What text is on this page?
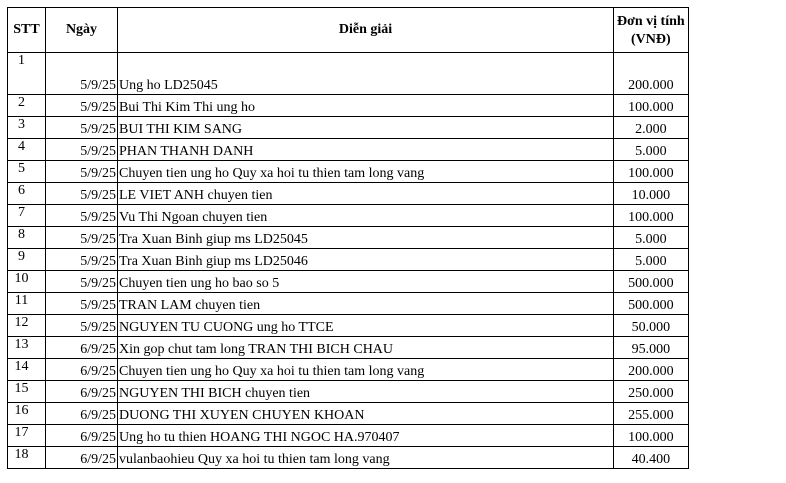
STT	Ngày	Diễn giải	Đơn vị tính
(VNĐ)
1	5/9/25	Ung ho LD25045	200.000
2	5/9/25	Bui Thi Kim Thi ung ho	100.000
3	5/9/25	BUI THI KIM SANG	2.000
4	5/9/25	PHAN THANH DANH	5.000
5	5/9/25	Chuyen tien ung ho Quy xa hoi tu thien tam long vang	100.000
6	5/9/25	LE VIET ANH chuyen tien	10.000
7	5/9/25	Vu Thi Ngoan chuyen tien	100.000
8	5/9/25	Tra Xuan Binh giup ms LD25045	5.000
9	5/9/25	Tra Xuan Binh giup ms LD25046	5.000
10	5/9/25	Chuyen tien ung ho bao so 5	500.000
11	5/9/25	TRAN LAM chuyen tien	500.000
12	5/9/25	NGUYEN TU CUONG ung ho TTCE	50.000
13	6/9/25	Xin gop chut tam long TRAN THI BICH CHAU	95.000
14	6/9/25	Chuyen tien ung ho Quy xa hoi tu thien tam long vang	200.000
15	6/9/25	NGUYEN THI BICH chuyen tien	250.000
16	6/9/25	DUONG THI XUYEN CHUYEN KHOAN	255.000
17	6/9/25	Ung ho tu thien HOANG THI NGOC HA.970407	100.000
18	6/9/25	vulanbaohieu Quy xa hoi tu thien tam long vang	40.400
